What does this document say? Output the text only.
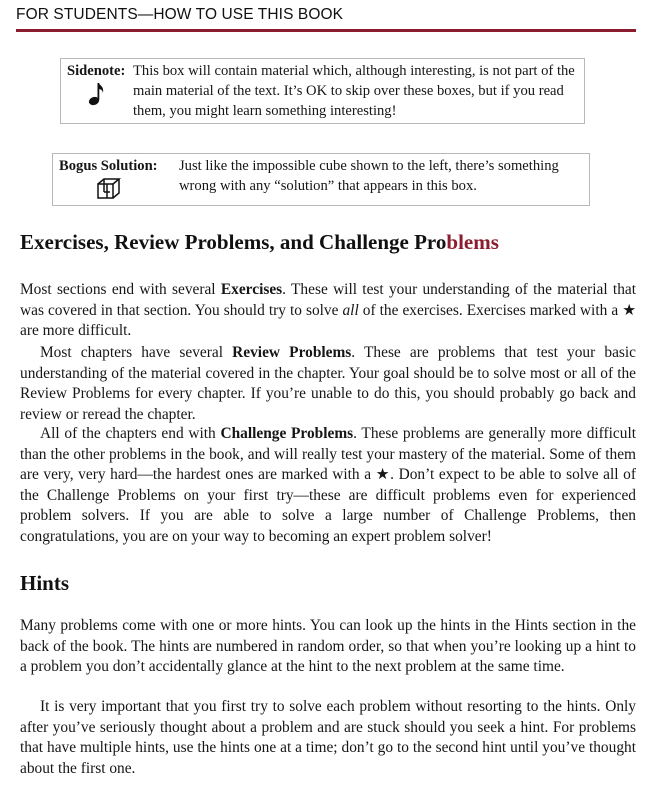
FOR STUDENTS—HOW TO USE THIS BOOK
Sidenote: This box will contain material which, although interesting, is not part of the main material of the text. It’s OK to skip over these boxes, but if you read them, you might learn something interesting!
Bogus Solution: Just like the impossible cube shown to the left, there’s something wrong with any “solution” that appears in this box.
Exercises, Review Problems, and Challenge Problems

Most sections end with several Exercises. These will test your understanding of the material that was covered in that section. You should try to solve all of the exercises. Exercises marked with a ★ are more difficult.

Most chapters have several Review Problems. These are problems that test your basic understanding of the material covered in the chapter. Your goal should be to solve most or all of the Review Problems for every chapter. If you’re unable to do this, you should probably go back and review or reread the chapter.

All of the chapters end with Challenge Problems. These problems are generally more difficult than the other problems in the book, and will really test your mastery of the material. Some of them are very, very hard—the hardest ones are marked with a ★. Don’t expect to be able to solve all of the Challenge Problems on your first try—these are difficult problems even for experienced problem solvers. If you are able to solve a large number of Challenge Problems, then congratulations, you are on your way to becoming an expert problem solver!

Hints

Many problems come with one or more hints. You can look up the hints in the Hints section in the back of the book. The hints are numbered in random order, so that when you’re looking up a hint to a problem you don’t accidentally glance at the hint to the next problem at the same time.

It is very important that you first try to solve each problem without resorting to the hints. Only after you’ve seriously thought about a problem and are stuck should you seek a hint. For problems that have multiple hints, use the hints one at a time; don’t go to the second hint until you’ve thought about the first one.
